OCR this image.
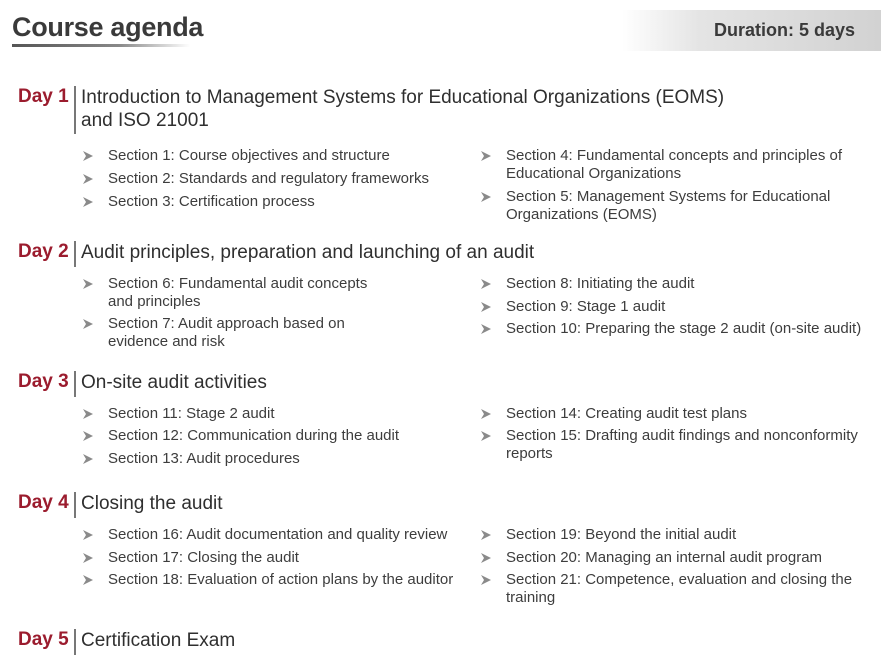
Course agenda	Duration: 5 days
Day 1 Introduction to Management Systems for Educational Organizations (EOMS) and ISO 21001
Section 1: Course objectives and structure
Section 2: Standards and regulatory frameworks
Section 3: Certification process
Section 4: Fundamental concepts and principles of Educational Organizations
Section 5: Management Systems for Educational Organizations (EOMS)
Day 2 Audit principles, preparation and launching of an audit
Section 6: Fundamental audit concepts and principles
Section 7: Audit approach based on evidence and risk
Section 8: Initiating the audit
Section 9: Stage 1 audit
Section 10: Preparing the stage 2 audit (on-site audit)
Day 3 On-site audit activities
Section 11: Stage 2 audit
Section 12: Communication during the audit
Section 13: Audit procedures
Section 14: Creating audit test plans
Section 15: Drafting audit findings and nonconformity reports
Day 4 Closing the audit
Section 16: Audit documentation and quality review
Section 17: Closing the audit
Section 18: Evaluation of action plans by the auditor
Section 19: Beyond the initial audit
Section 20: Managing an internal audit program
Section 21: Competence, evaluation and closing the training
Day 5 Certification Exam
